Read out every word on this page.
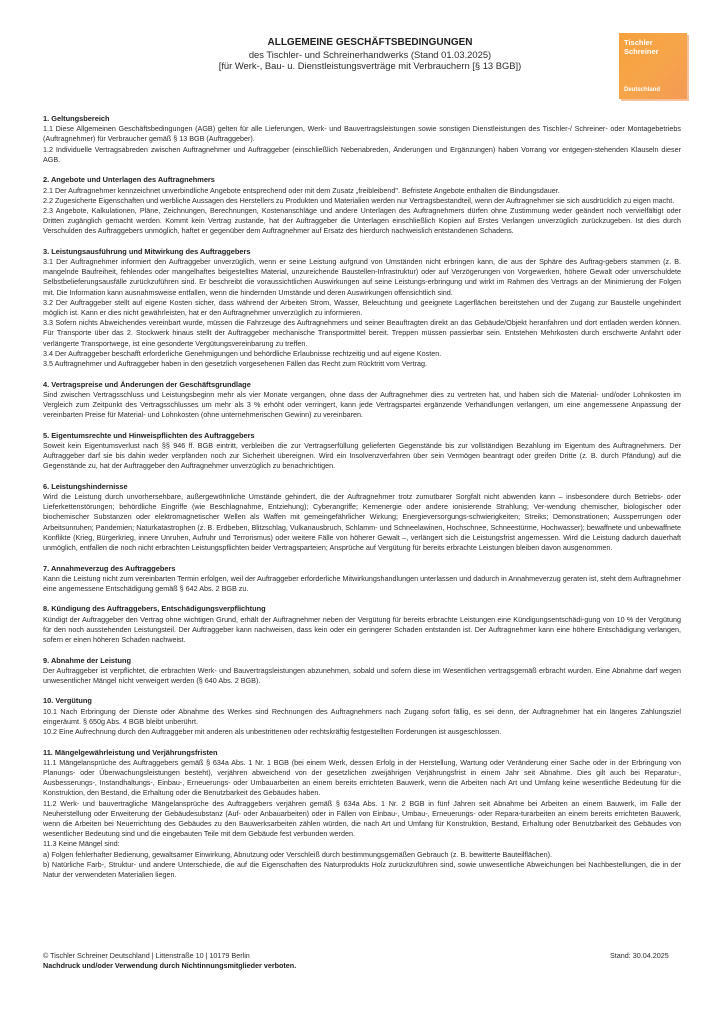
ALLGEMEINE GESCHÄFTSBEDINGUNGEN
des Tischler- und Schreinerhandwerks (Stand 01.03.2025)
[für Werk-, Bau- u. Dienstleistungsverträge mit Verbrauchern [§ 13 BGB])
Tischler
Schreiner
Deutschland
1. Geltungsbereich

1.1 Diese Allgemeinen Geschäftsbedingungen (AGB) gelten für alle Lieferungen, Werk- und Bauvertragsleistungen sowie sonstigen Dienstleistungen des Tischler-/ Schreiner- oder Montagebetriebs (Auftragnehmer) für Verbraucher gemäß § 13 BGB (Auftraggeber).

1.2 Individuelle Vertragsabreden zwischen Auftragnehmer und Auftraggeber (einschließlich Nebenabreden, Änderungen und Ergänzungen) haben Vorrang vor entgegen-stehenden Klauseln dieser AGB.

2. Angebote und Unterlagen des Auftragnehmers

2.1 Der Auftragnehmer kennzeichnet unverbindliche Angebote entsprechend oder mit dem Zusatz „freibleibend". Befristete Angebote enthalten die Bindungsdauer.

2.2 Zugesicherte Eigenschaften und werbliche Aussagen des Herstellers zu Produkten und Materialien werden nur Vertragsbestandteil, wenn der Auftragnehmer sie sich ausdrücklich zu eigen macht.

2.3 Angebote, Kalkulationen, Pläne, Zeichnungen, Berechnungen, Kostenanschläge und andere Unterlagen des Auftragnehmers dürfen ohne Zustimmung weder geändert noch vervielfältigt oder Dritten zugänglich gemacht werden. Kommt kein Vertrag zustande, hat der Auftraggeber die Unterlagen einschließlich Kopien auf Erstes Verlangen unverzüglich zurückzugeben. Ist dies durch Verschulden des Auftraggebers unmöglich, haftet er gegenüber dem Auftragnehmer auf Ersatz des hierdurch nachweislich entstandenen Schadens.

3. Leistungsausführung und Mitwirkung des Auftraggebers

3.1 Der Auftragnehmer informiert den Auftraggeber unverzüglich, wenn er seine Leistung aufgrund von Umständen nicht erbringen kann, die aus der Sphäre des Auftrag-gebers stammen (z. B. mangelnde Baufreiheit, fehlendes oder mangelhaftes beigestelltes Material, unzureichende Baustellen-Infrastruktur) oder auf Verzögerungen von Vorgewerken, höhere Gewalt oder unverschuldete Selbstbelieferungsausfälle zurückzuführen sind. Er beschreibt die voraussichtlichen Auswirkungen auf seine Leistungs-erbringung und wirkt im Rahmen des Vertrags an der Minimierung der Folgen mit. Die Information kann ausnahmsweise entfallen, wenn die hindernden Umstände und deren Auswirkungen offensichtlich sind.

3.2 Der Auftraggeber stellt auf eigene Kosten sicher, dass während der Arbeiten Strom, Wasser, Beleuchtung und geeignete Lagerflächen bereitstehen und der Zugang zur Baustelle ungehindert möglich ist. Kann er dies nicht gewährleisten, hat er den Auftragnehmer unverzüglich zu informieren.

3.3 Sofern nichts Abweichendes vereinbart wurde, müssen die Fahrzeuge des Auftragnehmers und seiner Beauftragten direkt an das Gebäude/Objekt heranfahren und dort entladen werden können. Für Transporte über das 2. Stockwerk hinaus stellt der Auftraggeber mechanische Transportmittel bereit. Treppen müssen passierbar sein. Entstehen Mehrkosten durch erschwerte Anfahrt oder verlängerte Transportwege, ist eine gesonderte Vergütungsvereinbarung zu treffen.

3.4 Der Auftraggeber beschafft erforderliche Genehmigungen und behördliche Erlaubnisse rechtzeitig und auf eigene Kosten.

3.5 Auftragnehmer und Auftraggeber haben in den gesetzlich vorgesehenen Fällen das Recht zum Rücktritt vom Vertrag.

4. Vertragspreise und Änderungen der Geschäftsgrundlage

Sind zwischen Vertragsschluss und Leistungsbeginn mehr als vier Monate vergangen, ohne dass der Auftragnehmer dies zu vertreten hat, und haben sich die Material- und/oder Lohnkosten im Vergleich zum Zeitpunkt des Vertragsschlusses um mehr als 3 % erhöht oder verringert, kann jede Vertragspartei ergänzende Verhandlungen verlangen, um eine angemessene Anpassung der vereinbarten Preise für Material- und Lohnkosten (ohne unternehmerischen Gewinn) zu vereinbaren.

5. Eigentumsrechte und Hinweispflichten des Auftraggebers

Soweit kein Eigentumsverlust nach §§ 946 ff. BGB eintritt, verbleiben die zur Vertragserfüllung gelieferten Gegenstände bis zur vollständigen Bezahlung im Eigentum des Auftragnehmers. Der Auftraggeber darf sie bis dahin weder verpfänden noch zur Sicherheit übereignen. Wird ein Insolvenzverfahren über sein Vermögen beantragt oder greifen Dritte (z. B. durch Pfändung) auf die Gegenstände zu, hat der Auftraggeber den Auftragnehmer unverzüglich zu benachrichtigen.

6. Leistungshindernisse

Wird die Leistung durch unvorhersehbare, außergewöhnliche Umstände gehindert, die der Auftragnehmer trotz zumutbarer Sorgfalt nicht abwenden kann – insbesondere durch Betriebs- oder Lieferkettenstörungen; behördliche Eingriffe (wie Beschlagnahme, Entziehung); Cyberangriffe; Kernenergie oder andere ionisierende Strahlung; Ver-wendung chemischer, biologischer oder biochemischer Substanzen oder elektromagnetischer Wellen als Waffen mit gemeingefährlicher Wirkung; Energieversorgungs-schwierigkeiten; Streiks; Demonstrationen; Aussperrungen oder Arbeitsunruhen; Pandemien; Naturkatastrophen (z. B. Erdbeben, Blitzschlag, Vulkanausbruch, Schlamm- und Schneelawinen, Hochschnee, Schneestürme, Hochwasser); bewaffnete und unbewaffnete Konflikte (Krieg, Bürgerkrieg, innere Unruhen, Aufruhr und Terrorismus) oder weitere Fälle von höherer Gewalt –, verlängert sich die Leistungsfrist angemessen. Wird die Leistung dadurch dauerhaft unmöglich, entfallen die noch nicht erbrachten Leistungspflichten beider Vertragsparteien; Ansprüche auf Vergütung für bereits erbrachte Leistungen bleiben davon ausgenommen.

7. Annahmeverzug des Auftraggebers

Kann die Leistung nicht zum vereinbarten Termin erfolgen, weil der Auftraggeber erforderliche Mitwirkungshandlungen unterlassen und dadurch in Annahmeverzug geraten ist, steht dem Auftragnehmer eine angemessene Entschädigung gemäß § 642 Abs. 2 BGB zu.

8. Kündigung des Auftraggebers, Entschädigungsverpflichtung

Kündigt der Auftraggeber den Vertrag ohne wichtigen Grund, erhält der Auftragnehmer neben der Vergütung für bereits erbrachte Leistungen eine Kündigungsentschädi-gung von 10 % der Vergütung für den noch ausstehenden Leistungsteil. Der Auftraggeber kann nachweisen, dass kein oder ein geringerer Schaden entstanden ist. Der Auftragnehmer kann eine höhere Entschädigung verlangen, sofern er einen höheren Schaden nachweist.

9. Abnahme der Leistung

Der Auftraggeber ist verpflichtet, die erbrachten Werk- und Bauvertragsleistungen abzunehmen, sobald und sofern diese im Wesentlichen vertragsgemäß erbracht wurden. Eine Abnahme darf wegen unwesentlicher Mängel nicht verweigert werden (§ 640 Abs. 2 BGB).

10. Vergütung

10.1 Nach Erbringung der Dienste oder Abnahme des Werkes sind Rechnungen des Auftragnehmers nach Zugang sofort fällig, es sei denn, der Auftragnehmer hat ein längeres Zahlungsziel eingeräumt. § 650g Abs. 4 BGB bleibt unberührt.

10.2 Eine Aufrechnung durch den Auftraggeber mit anderen als unbestrittenen oder rechtskräftig festgestellten Forderungen ist ausgeschlossen.

11. Mängelgewährleistung und Verjährungsfristen

11.1 Mängelansprüche des Auftraggebers gemäß § 634a Abs. 1 Nr. 1 BGB (bei einem Werk, dessen Erfolg in der Herstellung, Wartung oder Veränderung einer Sache oder in der Erbringung von Planungs- oder Überwachungsleistungen besteht), verjähren abweichend von der gesetzlichen zweijährigen Verjährungsfrist in einem Jahr seit Abnahme. Dies gilt auch bei Reparatur-, Ausbesserungs-, Instandhaltungs-, Einbau-, Erneuerungs- oder Umbauarbeiten an einem bereits errichteten Bauwerk, wenn die Arbeiten nach Art und Umfang keine wesentliche Bedeutung für die Konstruktion, den Bestand, die Erhaltung oder die Benutzbarkeit des Gebäudes haben.

11.2 Werk- und bauvertragliche Mängelansprüche des Auftraggebers verjähren gemäß § 634a Abs. 1 Nr. 2 BGB in fünf Jahren seit Abnahme bei Arbeiten an einem Bauwerk, im Falle der Neuherstellung oder Erweiterung der Gebäudesubstanz (Auf- oder Anbauarbeiten) oder in Fällen von Einbau-, Umbau-, Erneuerungs- oder Repara-turarbeiten an einem bereits errichteten Bauwerk, wenn die Arbeiten bei Neuerrichtung des Gebäudes zu den Bauwerksarbeiten zählen würden, die nach Art und Umfang für Konstruktion, Bestand, Erhaltung oder Benutzbarkeit des Gebäudes von wesentlicher Bedeutung sind und die eingebauten Teile mit dem Gebäude fest verbunden werden.

11.3 Keine Mängel sind:

a) Folgen fehlerhafter Bedienung, gewaltsamer Einwirkung, Abnutzung oder Verschleiß durch bestimmungsgemäßen Gebrauch (z. B. bewitterte Bauteilflächen).

b) Natürliche Farb-, Struktur- und andere Unterschiede, die auf die Eigenschaften des Naturprodukts Holz zurückzuführen sind, sowie unwesentliche Abweichungen bei Nachbestellungen, die in der Natur der verwendeten Materialien liegen.

© Tischler Schreiner Deutschland | Littenstraße 10 | 10179 Berlin
Nachdruck und/oder Verwendung durch Nichtinnungsmitglieder verboten.
Stand: 30.04.2025
